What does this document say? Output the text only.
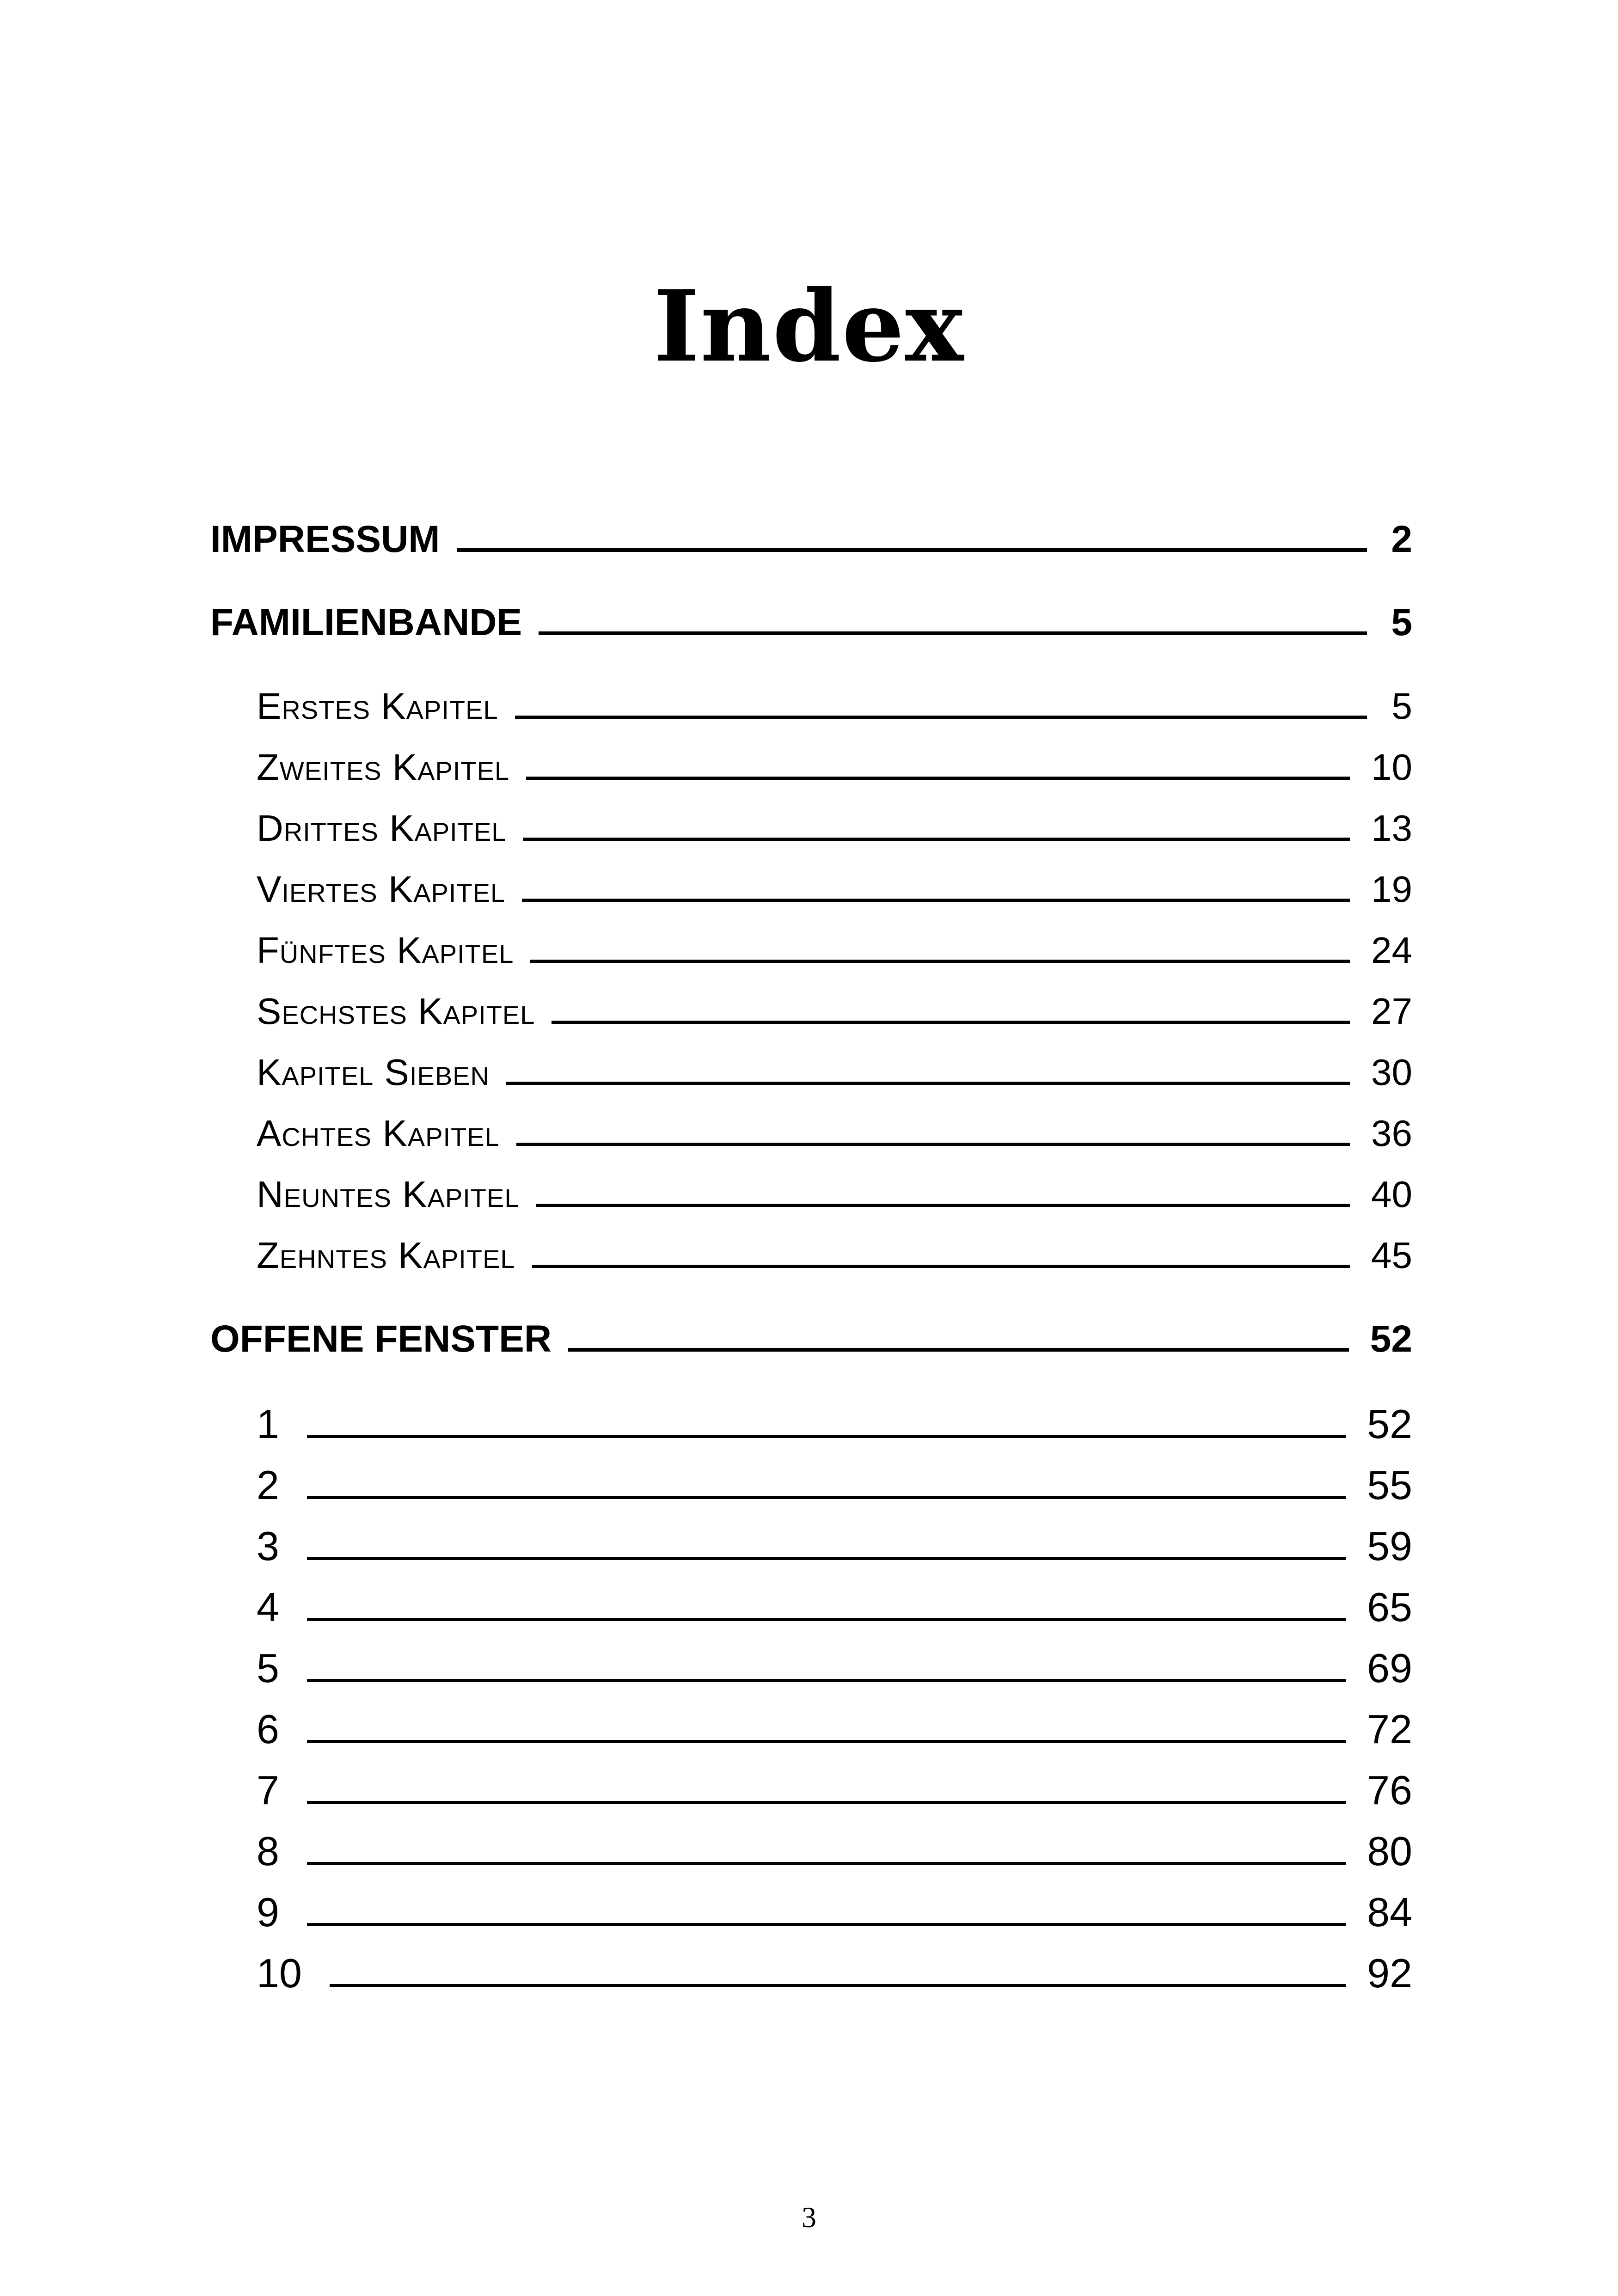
Index
IMPRESSUM	2
FAMILIENBANDE	5
Erstes Kapitel	5
Zweites Kapitel	10
Drittes Kapitel	13
Viertes Kapitel	19
Fünftes Kapitel	24
Sechstes Kapitel	27
Kapitel Sieben	30
Achtes Kapitel	36
Neuntes Kapitel	40
Zehntes Kapitel	45
OFFENE FENSTER	52
1	52
2	55
3	59
4	65
5	69
6	72
7	76
8	80
9	84
10	92
3
